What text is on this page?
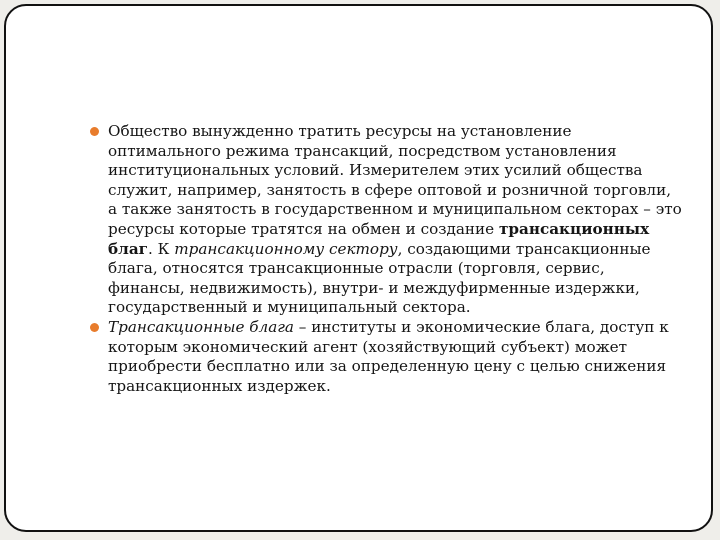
Общество вынужденно тратить ресурсы на установление оптимального режима трансакций, посредством установления институциональных условий. Измерителем этих усилий общества служит, например, занятость в сфере оптовой и розничной торговли, а также занятость в государственном и муниципальном секторах – это ресурсы которые тратятся на обмен и создание трансакционных благ. К трансакционному сектору, создающими трансакционные блага, относятся трансакционные отрасли (торговля, сервис, финансы, недвижимость), внутри- и междуфирменные издержки, государственный и муниципальный сектора.
Трансакционные блага – институты и экономические блага, доступ к которым экономический агент (хозяйствующий субъект) может приобрести бесплатно или за определенную цену с целью снижения трансакционных издержек.
